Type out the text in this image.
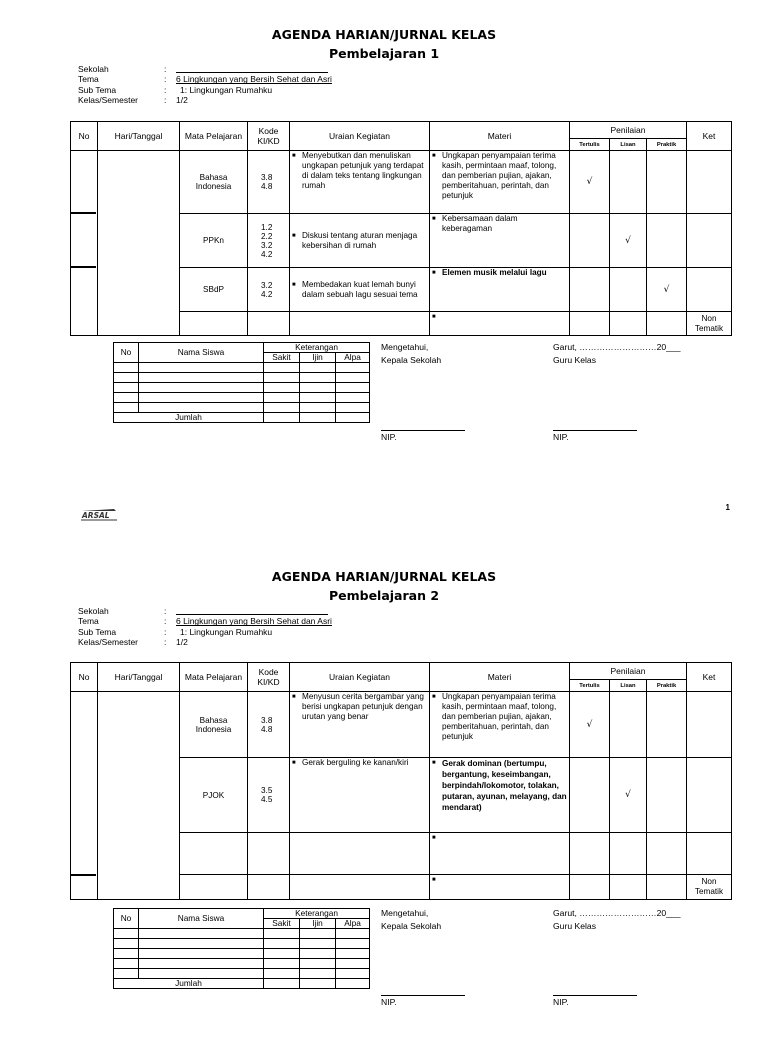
AGENDA HARIAN/JURNAL KELAS
Pembelajaran 1
Sekolah	:
Tema	:	6 Lingkungan yang Bersih Sehat dan Asri
Sub Tema	:	1: Lingkungan Rumahku
Kelas/Semester	:	1/2
No	Hari/Tanggal	Mata Pelajaran	Kode KI/KD	Uraian Kegiatan	Materi	Penilaian			Ket
						Tertulis	Lisan	Praktik	
		Bahasa Indonesia	3.8
4.8	■ Menyebutkan dan menuliskan ungkapan petunjuk yang terdapat di dalam teks tentang lingkungan rumah	■ Ungkapan penyampaian terima kasih, permintaan maaf, tolong, dan pemberian pujian, ajakan, pemberitahuan, perintah, dan petunjuk	√			
		PPKn	1.2
2.2
3.2
4.2	■ Diskusi tentang aturan menjaga kebersihan di rumah	■ Kebersamaan dalam keberagaman		√		
		SBdP	3.2
4.2	■ Membedakan kuat lemah bunyi dalam sebuah lagu sesuai tema	■ Elemen musik melalui lagu			√	

					■				Non Tematik
No	Nama Siswa	Keterangan		
		Sakit	Ijin	Alpa

Jumlah				
Mengetahui,
Kepala Sekolah
Garut, ………………………20___
Guru Kelas

NIP.	NIP.
ARSAL
1
AGENDA HARIAN/JURNAL KELAS
Pembelajaran 2
Sekolah	:
Tema	:	6 Lingkungan yang Bersih Sehat dan Asri
Sub Tema	:	1: Lingkungan Rumahku
Kelas/Semester	:	1/2
No	Hari/Tanggal	Mata Pelajaran	Kode KI/KD	Uraian Kegiatan	Materi	Penilaian			Ket
						Tertulis	Lisan	Praktik	
		Bahasa Indonesia	3.8
4.8	■ Menyusun cerita bergambar yang berisi ungkapan petunjuk dengan urutan yang benar	■ Ungkapan penyampaian terima kasih, permintaan maaf, tolong, dan pemberian pujian, ajakan, pemberitahuan, perintah, dan petunjuk	√			
		PJOK	3.5
4.5	■ Gerak berguling ke kanan/kiri	■ Gerak dominan (bertumpu, bergantung, keseimbangan, berpindah/lokomotor, tolakan, putaran, ayunan, melayang, dan mendarat)		√		

					■				

					■				Non Tematik
No	Nama Siswa	Keterangan		
		Sakit	Ijin	Alpa

Jumlah				
Mengetahui,
Kepala Sekolah
Garut, ………………………20___
Guru Kelas

NIP.	NIP.
